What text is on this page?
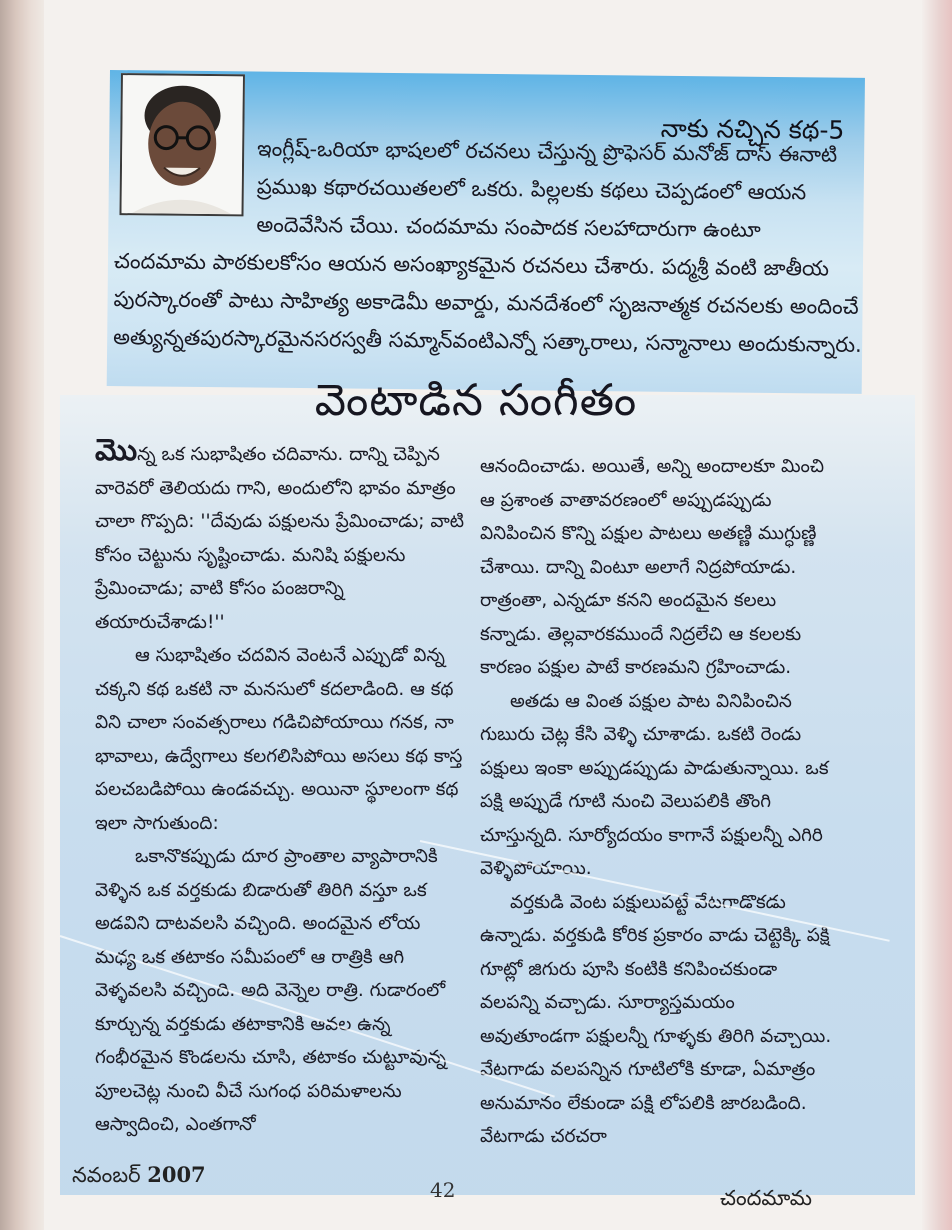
నాకు నచ్చిన కథ-5
ఇంగ్లీష్-ఒరియా భాషలలో రచనలు చేస్తున్న ప్రొఫెసర్ మనోజ్ దాస్ ఈనాటి
ప్రముఖ కథారచయితలలో ఒకరు. పిల్లలకు కథలు చెప్పడంలో ఆయన
అందెవేసిన చేయి. చందమామ సంపాదక సలహాదారుగా ఉంటూ
చందమామ పాఠకులకోసం ఆయన అసంఖ్యాకమైన రచనలు చేశారు. పద్మశ్రీ వంటి జాతీయ
పురస్కారంతో పాటు సాహిత్య అకాడెమీ అవార్డు, మనదేశంలో సృజనాత్మక రచనలకు అందించే
అత్యున్నతపురస్కారమైనసరస్వతీ సమ్మాన్‌వంటిఎన్నో సత్కారాలు, సన్మానాలు అందుకున్నారు.
వెంటాడిన సంగీతం
మొన్న ఒక సుభాషితం చదివాను. దాన్ని చెప్పిన వారెవరో తెలియదు గాని, అందులోని భావం మాత్రం చాలా గొప్పది: ''దేవుడు పక్షులను ప్రేమించాడు; వాటి కోసం చెట్టును సృష్టించాడు. మనిషి పక్షులను ప్రేమించాడు; వాటి కోసం పంజరాన్ని తయారుచేశాడు!''
ఆ సుభాషితం చదవిన వెంటనే ఎప్పుడో విన్న చక్కని కథ ఒకటి నా మనసులో కదలాడింది. ఆ కథ విని చాలా సంవత్సరాలు గడిచిపోయాయి గనక, నా భావాలు, ఉద్వేగాలు కలగలిసిపోయి అసలు కథ కాస్త పలచబడిపోయి ఉండవచ్చు. అయినా స్థూలంగా కథ ఇలా సాగుతుంది:
ఒకానొకప్పుడు దూర ప్రాంతాల వ్యాపారానికి వెళ్ళిన ఒక వర్తకుడు బిడారుతో తిరిగి వస్తూ ఒక అడవిని దాటవలసి వచ్చింది. అందమైన లోయ మధ్య ఒక తటాకం సమీపంలో ఆ రాత్రికి ఆగి వెళ్ళవలసి వచ్చింది. అది వెన్నెల రాత్రి. గుడారంలో కూర్చున్న వర్తకుడు తటాకానికి ఆవల ఉన్న గంభీరమైన కొండలను చూసి, తటాకం చుట్టూవున్న పూలచెట్ల నుంచి వీచే సుగంధ పరిమళాలను ఆస్వాదించి, ఎంతగానో
ఆనందించాడు. అయితే, అన్ని అందాలకూ మించి ఆ ప్రశాంత వాతావరణంలో అప్పుడప్పుడు వినిపించిన కొన్ని పక్షుల పాటలు అతణ్ణి ముగ్ధుణ్ణి చేశాయి. దాన్ని వింటూ అలాగే నిద్రపోయాడు. రాత్రంతా, ఎన్నడూ కనని అందమైన కలలు కన్నాడు. తెల్లవారకముందే నిద్రలేచి ఆ కలలకు కారణం పక్షుల పాటే కారణమని గ్రహించాడు.
అతడు ఆ వింత పక్షుల పాట వినిపించిన గుబురు చెట్ల కేసి వెళ్ళి చూశాడు. ఒకటి రెండు పక్షులు ఇంకా అప్పుడప్పుడు పాడుతున్నాయి. ఒక పక్షి అప్పుడే గూటి నుంచి వెలుపలికి తొంగి చూస్తున్నది. సూర్యోదయం కాగానే పక్షులన్నీ ఎగిరి వెళ్ళిపోయాయి.
వర్తకుడి వెంట పక్షులుపట్టే వేటగాడొకడు ఉన్నాడు. వర్తకుడి కోరిక ప్రకారం వాడు చెట్టెక్కి పక్షి గూట్లో జిగురు పూసి కంటికి కనిపించకుండా వలపన్ని వచ్చాడు. సూర్యాస్తమయం అవుతూండగా పక్షులన్నీ గూళ్ళకు తిరిగి వచ్చాయి. వేటగాడు వలపన్నిన గూటిలోకి కూడా, ఏమాత్రం అనుమానం లేకుండా పక్షి లోపలికి జారబడింది. వేటగాడు చరచరా
నవంబర్ 2007
42	చందమామ
